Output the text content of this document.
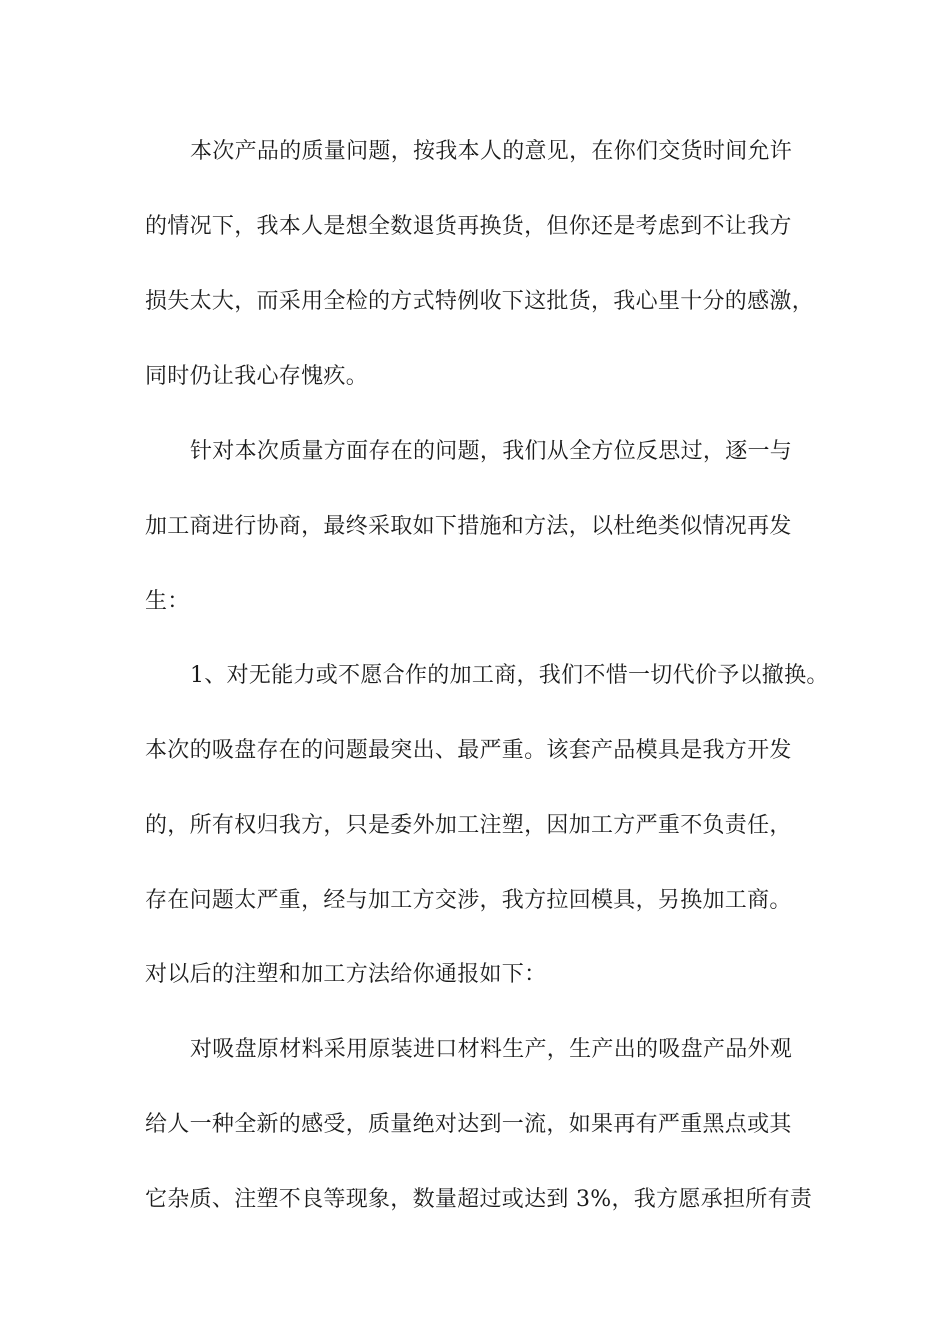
本次产品的质量问题，按我本人的意见，在你们交货时间允许
的情况下，我本人是想全数退货再换货，但你还是考虑到不让我方
损失太大，而采用全检的方式特例收下这批货，我心里十分的感激，
同时仍让我心存愧疚。
针对本次质量方面存在的问题，我们从全方位反思过，逐一与
加工商进行协商，最终采取如下措施和方法，以杜绝类似情况再发
生：
1、对无能力或不愿合作的加工商，我们不惜一切代价予以撤换。
本次的吸盘存在的问题最突出、最严重。该套产品模具是我方开发
的，所有权归我方，只是委外加工注塑，因加工方严重不负责任，
存在问题太严重，经与加工方交涉，我方拉回模具，另换加工商。
对以后的注塑和加工方法给你通报如下：
对吸盘原材料采用原装进口材料生产，生产出的吸盘产品外观
给人一种全新的感受，质量绝对达到一流，如果再有严重黑点或其
它杂质、注塑不良等现象，数量超过或达到 3%，我方愿承担所有责
